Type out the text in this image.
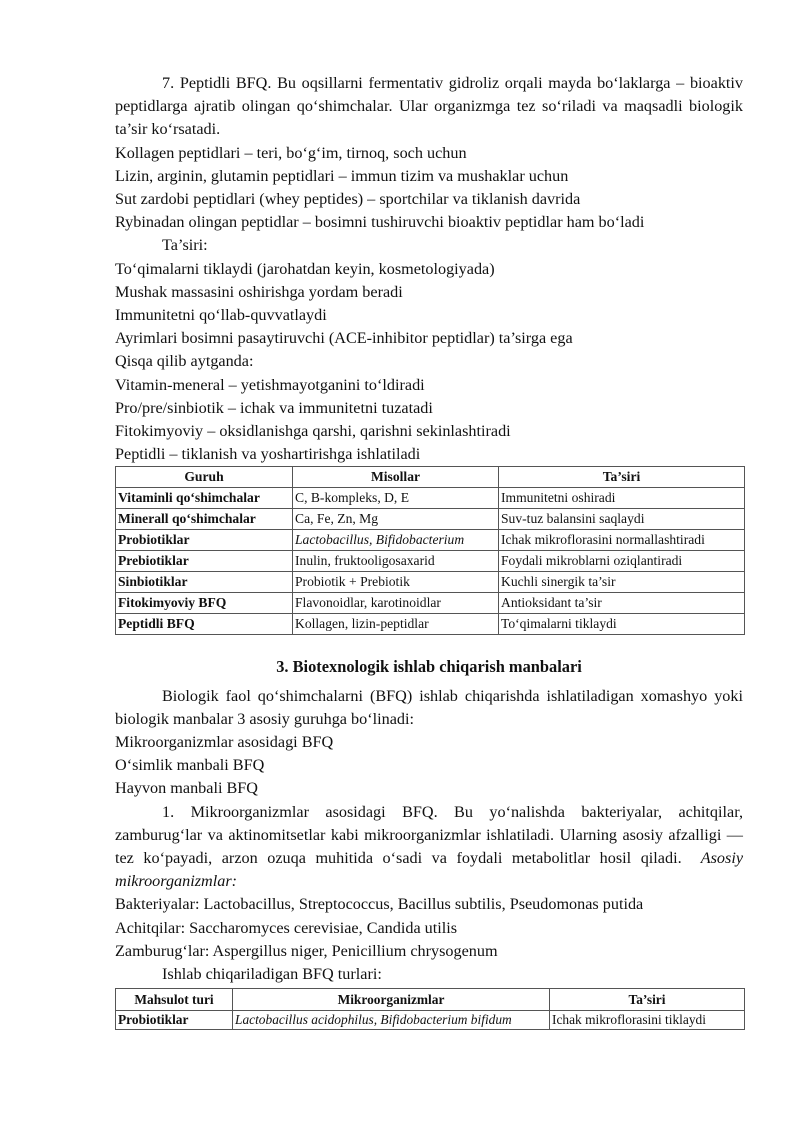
7. Peptidli BFQ. Bu oqsillarni fermentativ gidroliz orqali mayda bo‘laklarga – bioaktiv peptidlarga ajratib olingan qo‘shimchalar. Ular organizmga tez so‘riladi va maqsadli biologik ta’sir ko‘rsatadi.

Kollagen peptidlari – teri, bo‘g‘im, tirnoq, soch uchun

Lizin, arginin, glutamin peptidlari – immun tizim va mushaklar uchun

Sut zardobi peptidlari (whey peptides) – sportchilar va tiklanish davrida

Rybinadan olingan peptidlar – bosimni tushiruvchi bioaktiv peptidlar ham bo‘ladi

Ta’siri:

To‘qimalarni tiklaydi (jarohatdan keyin, kosmetologiyada)

Mushak massasini oshirishga yordam beradi

Immunitetni qo‘llab-quvvatlaydi

Ayrimlari bosimni pasaytiruvchi (ACE-inhibitor peptidlar) ta’sirga ega

Qisqa qilib aytganda:

Vitamin-meneral – yetishmayotganini to‘ldiradi

Pro/pre/sinbiotik – ichak va immunitetni tuzatadi

Fitokimyoviy – oksidlanishga qarshi, qarishni sekinlashtiradi

Peptidli – tiklanish va yoshartirishga ishlatiladi

Guruh	Misollar	Ta’siri
Vitaminli qo‘shimchalar	C, B-kompleks, D, E	Immunitetni oshiradi
Minerall qo‘shimchalar	Ca, Fe, Zn, Mg	Suv-tuz balansini saqlaydi
Probiotiklar	Lactobacillus, Bifidobacterium	Ichak mikroflorasini normallashtiradi
Prebiotiklar	Inulin, fruktooligosaxarid	Foydali mikroblarni oziqlantiradi
Sinbiotiklar	Probiotik + Prebiotik	Kuchli sinergik ta’sir
Fitokimyoviy BFQ	Flavonoidlar, karotinoidlar	Antioksidant ta’sir
Peptidli BFQ	Kollagen, lizin-peptidlar	To‘qimalarni tiklaydi

3. Biotexnologik ishlab chiqarish manbalari

Biologik faol qo‘shimchalarni (BFQ) ishlab chiqarishda ishlatiladigan xomashyo yoki biologik manbalar 3 asosiy guruhga bo‘linadi:

Mikroorganizmlar asosidagi BFQ

O‘simlik manbali BFQ

Hayvon manbali BFQ

1. Mikroorganizmlar asosidagi BFQ. Bu yo‘nalishda bakteriyalar, achitqilar, zamburug‘lar va aktinomitsetlar kabi mikroorganizmlar ishlatiladi. Ularning asosiy afzalligi — tez ko‘payadi, arzon ozuqa muhitida o‘sadi va foydali metabolitlar hosil qiladi. Asosiy mikroorganizmlar:

Bakteriyalar: Lactobacillus, Streptococcus, Bacillus subtilis, Pseudomonas putida

Achitqilar: Saccharomyces cerevisiae, Candida utilis

Zamburug‘lar: Aspergillus niger, Penicillium chrysogenum

Ishlab chiqariladigan BFQ turlari:

Mahsulot turi	Mikroorganizmlar	Ta’siri
Probiotiklar	Lactobacillus acidophilus, Bifidobacterium bifidum	Ichak mikroflorasini tiklaydi
